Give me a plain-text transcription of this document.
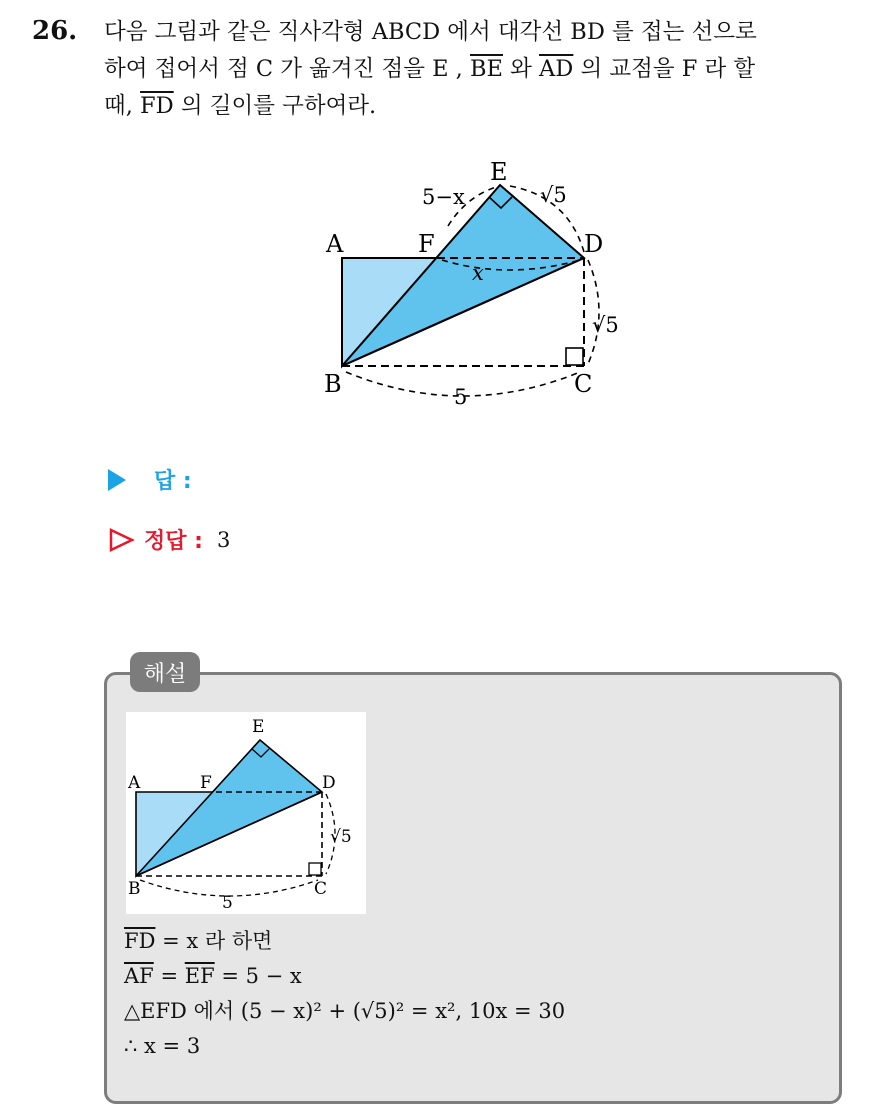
26. 다음 그림과 같은 직사각형 ABCD 에서 대각선 BD 를 접는 선으로
하여 접어서 점 C 가 옮겨진 점을 E , $\overline{BE}$ 와 $\overline{AD}$ 의 교점을 F 라 할
때, $\overline{FD}$ 의 길이를 구하여라.
A
B	C
D
E
F
5−x	√5
x
√5
5
답 :
정답 : 3
해설
A
B	C
D
E
F
√5
5
$\overline{FD} = x$ 라 하면
$\overline{AF} = \overline{EF} = 5 - x$
△EFD 에서 (5 − x)² + (√5)² = x², 10x = 30
∴ x = 3
